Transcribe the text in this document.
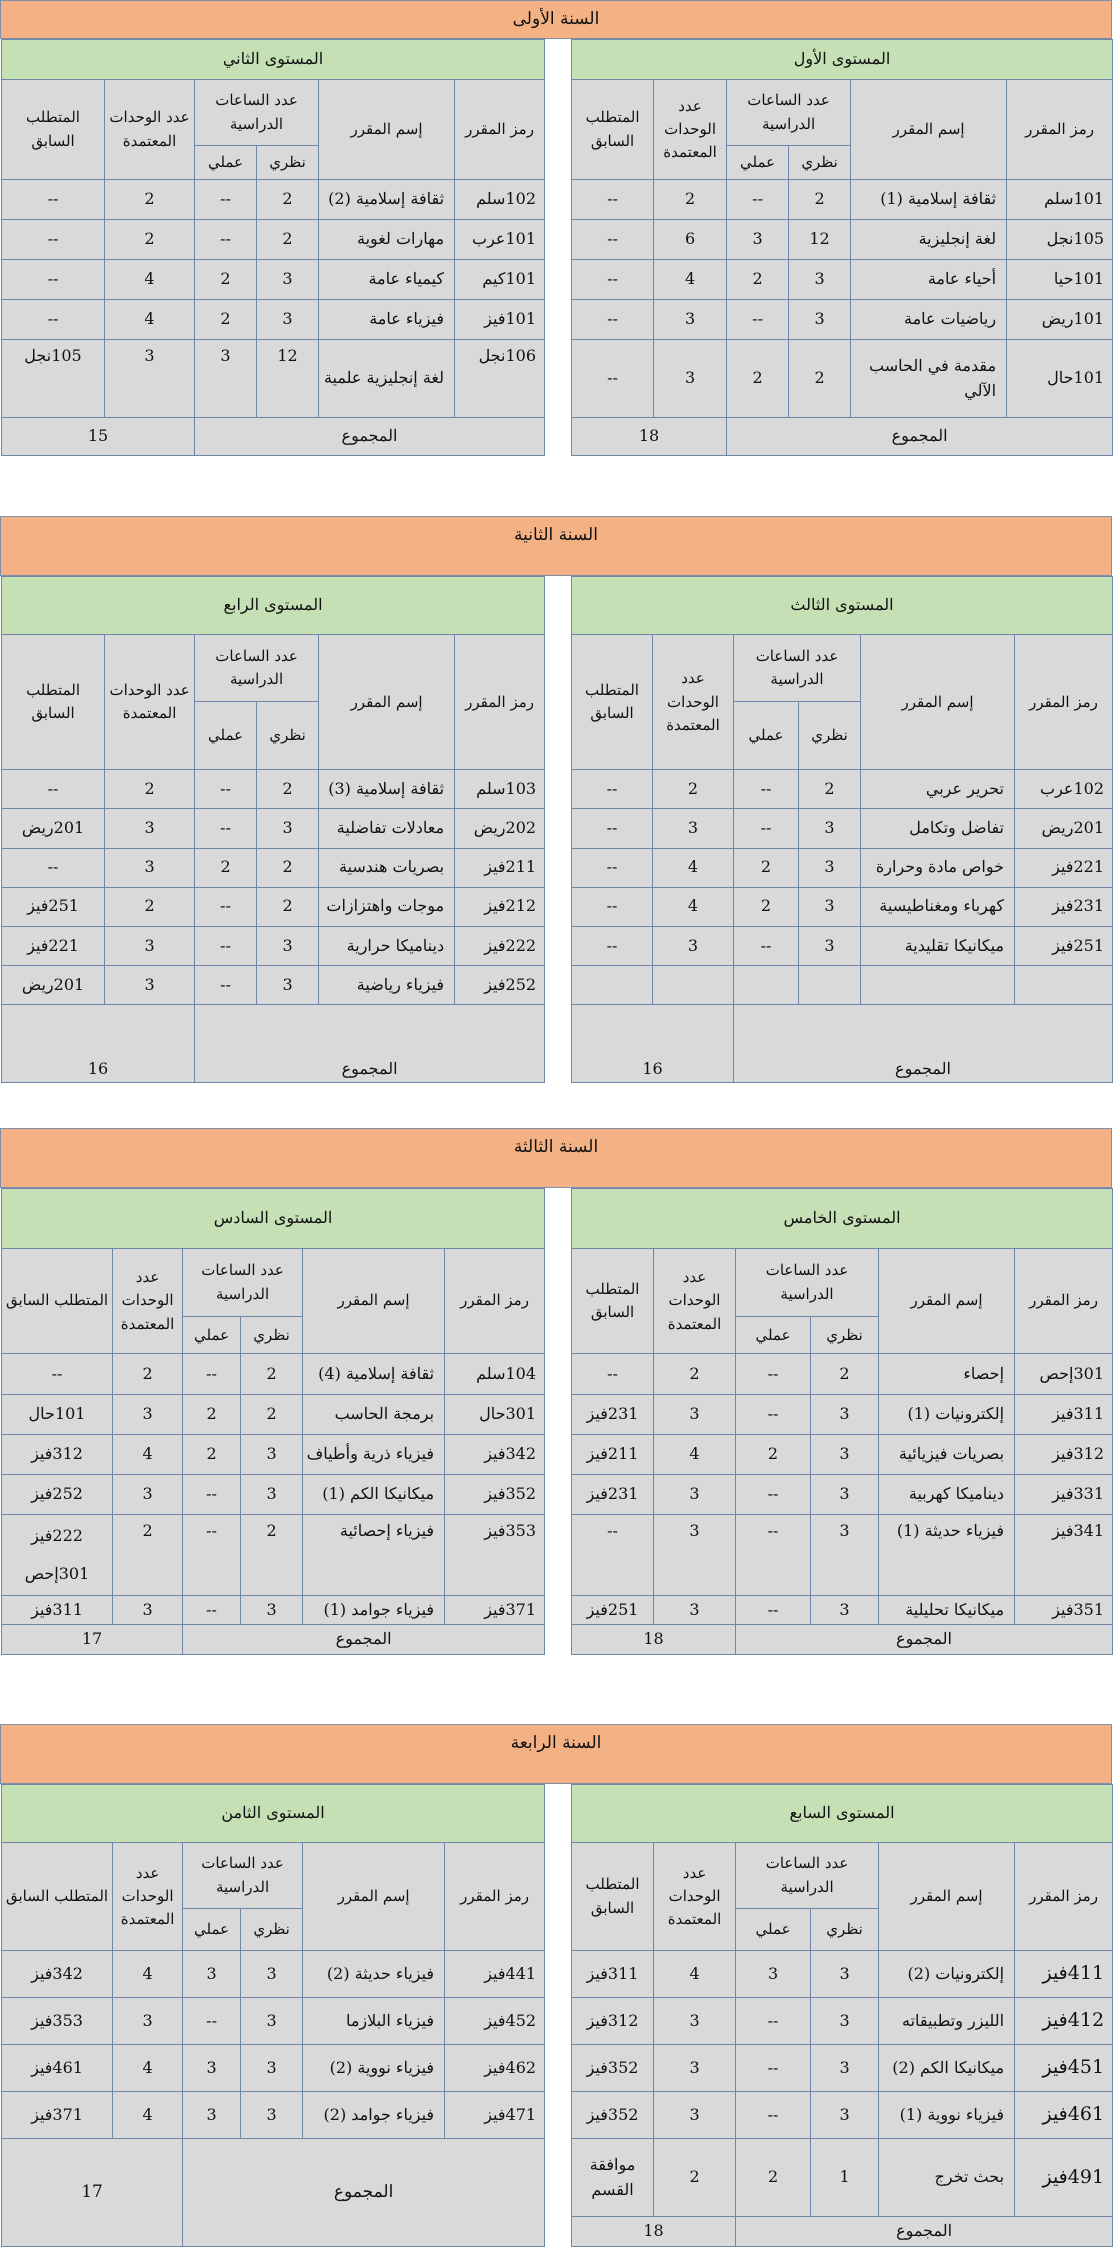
السنة الأولى
المستوى الأول					
رمز المقرر	إسم المقرر	عدد الساعات الدراسية		عدد الوحدات المعتمدة	المتطلب السابق
		نظري	عملي		
101سلم	ثقافة إسلامية (1)	2	--	2	--
105نجل	لغة إنجليزية	12	3	6	--
101حيا	أحياء عامة	3	2	4	--
101ريض	رياضيات عامة	3	--	3	--
101حال	مقدمة في الحاسب الآلي	2	2	3	--
المجموع				18	
المستوى الثاني					
رمز المقرر	إسم المقرر	عدد الساعات الدراسية		عدد الوحدات المعتمدة	المتطلب السابق
		نظري	عملي		
102سلم	ثقافة إسلامية (2)	2	--	2	--
101عرب	مهارات لغوية	2	--	2	--
101كيم	كيمياء عامة	3	2	4	--
101فيز	فيزياء عامة	3	2	4	--
106نجل	لغة إنجليزية علمية	12	3	3	105نجل
المجموع				15	
السنة الثانية
المستوى الثالث					
رمز المقرر	إسم المقرر	عدد الساعات الدراسية		عدد الوحدات المعتمدة	المتطلب السابق
		نظري	عملي		
102عرب	تحرير عربي	2	--	2	--
201ريض	تفاضل وتكامل	3	--	3	--
221فيز	خواص مادة وحرارة	3	2	4	--
231فيز	كهرباء ومغناطيسية	3	2	4	--
251فيز	ميكانيكا تقليدية	3	--	3	--

المجموع				16	
المستوى الرابع					
رمز المقرر	إسم المقرر	عدد الساعات الدراسية		عدد الوحدات المعتمدة	المتطلب السابق
		نظري	عملي		
103سلم	ثقافة إسلامية (3)	2	--	2	--
202ريض	معادلات تفاضلية	3	--	3	201ريض
211فيز	بصريات هندسية	2	2	3	--
212فيز	موجات واهتزازات	2	--	2	251فيز
222فيز	ديناميكا حرارية	3	--	3	221فيز
252فيز	فيزياء رياضية	3	--	3	201ريض
المجموع				16	
السنة الثالثة
المستوى الخامس					
رمز المقرر	إسم المقرر	عدد الساعات الدراسية		عدد الوحدات المعتمدة	المتطلب السابق
		نظري	عملي		
301إحص	إحصاء	2	--	2	--
311فيز	إلكترونيات (1)	3	--	3	231فيز
312فيز	بصريات فيزيائية	3	2	4	211فيز
331فيز	ديناميكا كهربية	3	--	3	231فيز
341فيز	فيزياء حديثة (1)	3	--	3	--
351فيز	ميكانيكا تحليلية	3	--	3	251فيز
المجموع				18	
المستوى السادس					
رمز المقرر	إسم المقرر	عدد الساعات الدراسية		عدد الوحدات المعتمدة	المتطلب السابق
		نظري	عملي		
104سلم	ثقافة إسلامية (4)	2	--	2	--
301حال	برمجة الحاسب	2	2	3	101حال
342فيز	فيزياء ذرية وأطياف	3	2	4	312فيز
352فيز	ميكانيكا الكم (1)	3	--	3	252فيز
353فيز	فيزياء إحصائية	2	--	2	222فيز 301إحص
371فيز	فيزياء جوامد (1)	3	--	3	311فيز
المجموع				17	
السنة الرابعة
المستوى السابع					
رمز المقرر	إسم المقرر	عدد الساعات الدراسية		عدد الوحدات المعتمدة	المتطلب السابق
		نظري	عملي		
411فيز	إلكترونيات (2)	3	3	4	311فيز
412فيز	الليزر وتطبيقاته	3	--	3	312فيز
451فيز	ميكانيكا الكم (2)	3	--	3	352فيز
461فيز	فيزياء نووية (1)	3	--	3	352فيز
491فيز	بحث تخرج	1	2	2	موافقة القسم
المجموع				18	
المستوى الثامن					
رمز المقرر	إسم المقرر	عدد الساعات الدراسية		عدد الوحدات المعتمدة	المتطلب السابق
		نظري	عملي		
441فيز	فيزياء حديثة (2)	3	3	4	342فيز
452فيز	فيزياء البلازما	3	--	3	353فيز
462فيز	فيزياء نووية (2)	3	3	4	461فيز
471فيز	فيزياء جوامد (2)	3	3	4	371فيز
المجموع				17	
